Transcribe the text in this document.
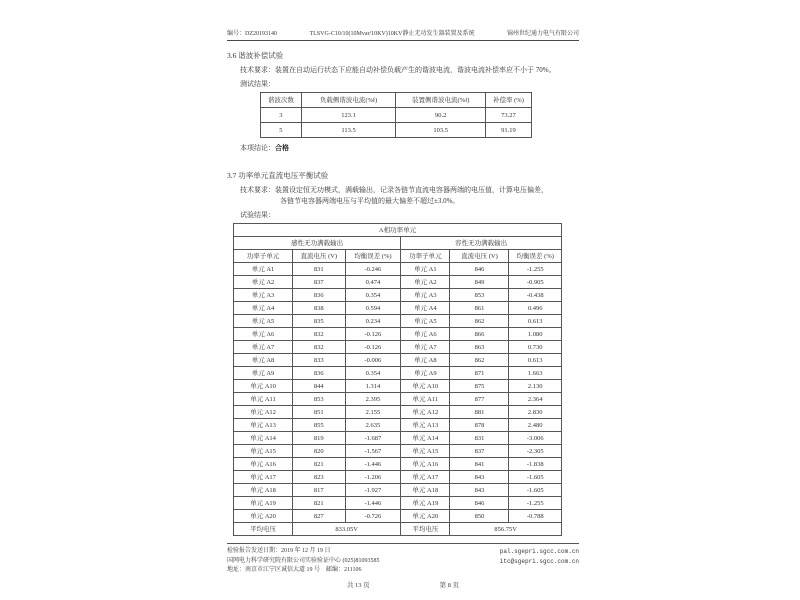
编号：DZ20193140	TLSVG-C10/10(10Mvar/10KV)10KV静止无功发生器装置及系统	锦州世纪通力电气有限公司
3.6 谐波补偿试验
技术要求：装置在自动运行状态下应能自动补偿负载产生的谐波电流，谐波电流补偿率应不小于 70%。
测试结果：
谐波次数	负载侧谐波电流(%f)	装置侧谐波电流(%f)	补偿率 (%)
3	123.1	90.2	73.27
5	113.5	103.5	91.19
本项结论：合格
3.7 功率单元直流电压平衡试验
技术要求：装置设定恒无功模式，满载输出，记录各链节直流电容器两端的电压值，计算电压偏差，
各链节电容器两端电压与平均值的最大偏差不超过±3.0%。
试验结果：
A相功率单元					
感性无功满载输出			容性无功满载输出		
功率子单元	直流电压 (V)	均衡误差 (%)	功率子单元	直流电压 (V)	均衡误差 (%)
单元 A1	831	-0.246	单元 A1	846	-1.255
单元 A2	837	0.474	单元 A2	849	-0.905
单元 A3	836	0.354	单元 A3	853	-0.438
单元 A4	838	0.594	单元 A4	861	0.496
单元 A5	835	0.234	单元 A5	862	0.613
单元 A6	832	-0.126	单元 A6	866	1.080
单元 A7	832	-0.126	单元 A7	863	0.730
单元 A8	833	-0.006	单元 A8	862	0.613
单元 A9	836	0.354	单元 A9	871	1.663
单元 A10	844	1.314	单元 A10	875	2.130
单元 A11	853	2.395	单元 A11	877	2.364
单元 A12	851	2.155	单元 A12	881	2.830
单元 A13	855	2.635	单元 A13	878	2.480
单元 A14	819	-1.687	单元 A14	831	-3.006
单元 A15	820	-1.567	单元 A15	837	-2.305
单元 A16	821	-1.446	单元 A16	841	-1.838
单元 A17	823	-1.206	单元 A17	843	-1.605
单元 A18	817	-1.927	单元 A18	843	-1.605
单元 A19	821	-1.446	单元 A19	846	-1.255
单元 A20	827	-0.726	单元 A20	850	-0.788
平均电压	833.05V		平均电压	856.75V	
检验报告发送日期：2019 年 12 月 19 日
国网电力科学研究院有限公司实验验证中心 (025)81093585
地址：南京市江宁区诚信大道 19 号　邮编：211106
pal.sgepri.sgcc.com.cn
itc@sgepri.sgcc.com.cn
共 13 页	第 8 页
